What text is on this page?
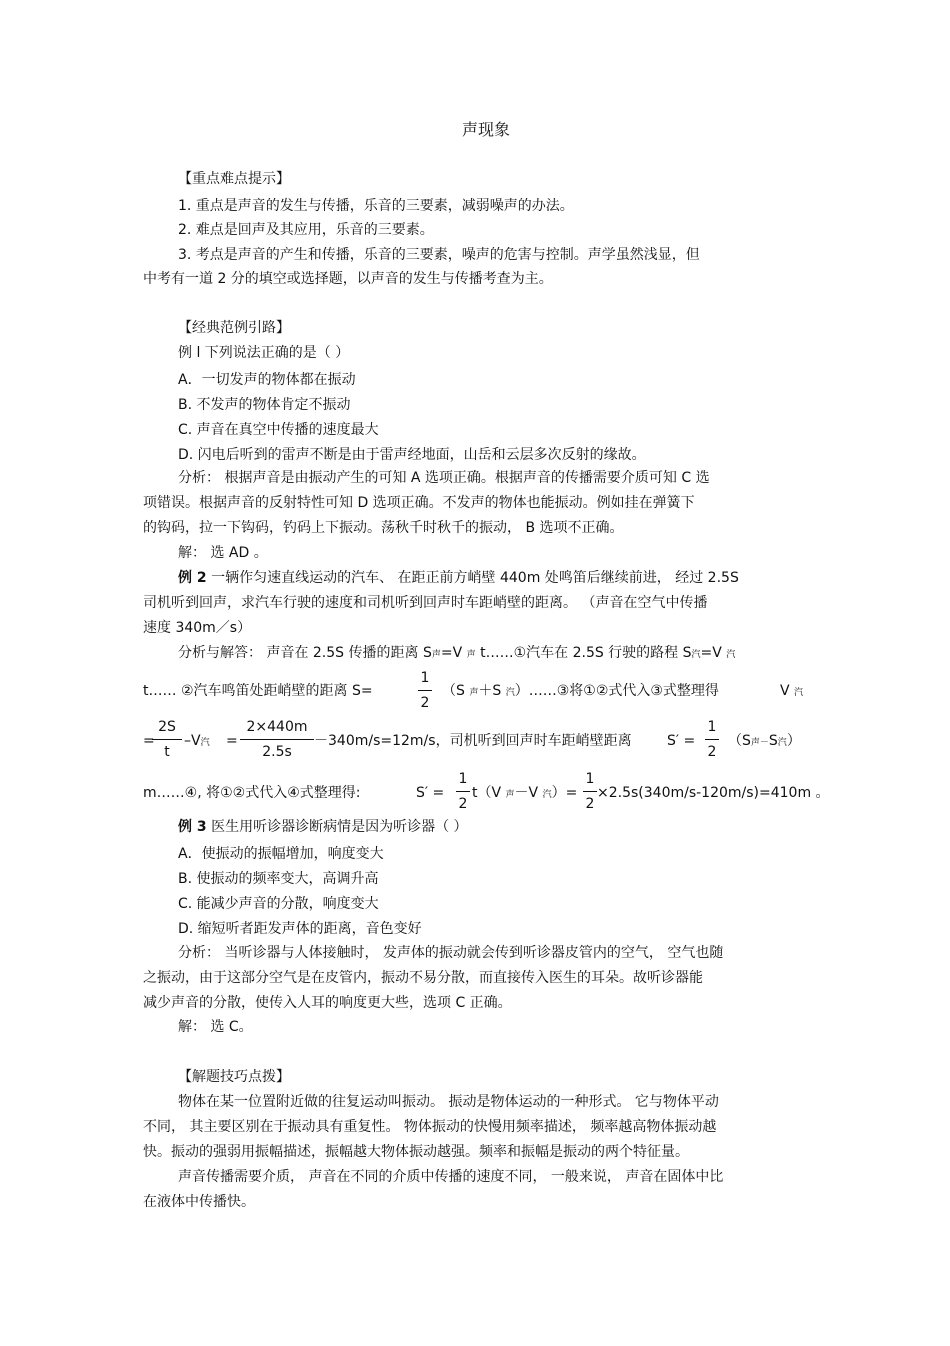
声现象
【重点难点提示】
1. 重点是声音的发生与传播，乐音的三要素，减弱噪声的办法。
2. 难点是回声及其应用，乐音的三要素。
3. 考点是声音的产生和传播，乐音的三要素，噪声的危害与控制。声学虽然浅显，但
中考有一道 2 分的填空或选择题，以声音的发生与传播考查为主。
【经典范例引路】
例 l 下列说法正确的是（ ）
A．一切发声的物体都在振动
B. 不发声的物体肯定不振动
C. 声音在真空中传播的速度最大
D. 闪电后听到的雷声不断是由于雷声经地面，山岳和云层多次反射的缘故。
分析： 根据声音是由振动产生的可知 A 选项正确。根据声音的传播需要介质可知 C 选
项错误。根据声音的反射特性可知 D 选项正确。不发声的物体也能振动。例如挂在弹簧下
的钩码，拉一下钩码，钓码上下振动。荡秋千时秋千的振动， B 选项不正确。
解： 选 AD 。
例 2 一辆作匀速直线运动的汽车、 在距正前方峭壁 440m 处鸣笛后继续前进， 经过 2.5S
司机听到回声，求汽车行驶的速度和司机听到回声时车距峭壁的距离。 （声音在空气中传播
速度 340m／s）
分析与解答： 声音在 2.5S 传播的距离 S声=V 声 t……①汽车在 2.5S 行驶的路程 S汽=V 汽
t…… ②汽车鸣笛处距峭壁的距离 S=
1
2
（S 声＋S 汽）……③将①②式代入③式整理得	V 汽
=
2S
t
–V汽 =
2×440m
2.5s
－340m/s=12m/s，司机听到回声时车距峭壁距离	S′ =
1
2
（S声－S汽）
m……④, 将①②式代入④式整理得:	S′ =
1
2
t（V 声－V 汽）=
1
2
×2.5s(340m/s-120m/s)=410m 。
例 3 医生用听诊器诊断病情是因为听诊器（ ）
A．使振动的振幅增加，响度变大
B. 使振动的频率变大，高调升高
C. 能减少声音的分散，响度变大
D. 缩短听者距发声体的距离，音色变好
分析： 当听诊器与人体接触时， 发声体的振动就会传到听诊器皮管内的空气， 空气也随
之振动，由于这部分空气是在皮管内，振动不易分散，而直接传入医生的耳朵。故听诊器能
减少声音的分散，使传入人耳的响度更大些，选项 C 正确。
解： 选 C。
【解题技巧点拨】
物体在某一位置附近做的往复运动叫振动。 振动是物体运动的一种形式。 它与物体平动
不同， 其主要区别在于振动具有重复性。 物体振动的快慢用频率描述， 频率越高物体振动越
快。振动的强弱用振幅描述，振幅越大物体振动越强。频率和振幅是振动的两个特征量。
声音传播需要介质， 声音在不同的介质中传播的速度不同， 一般来说， 声音在固体中比
在液体中传播快。
